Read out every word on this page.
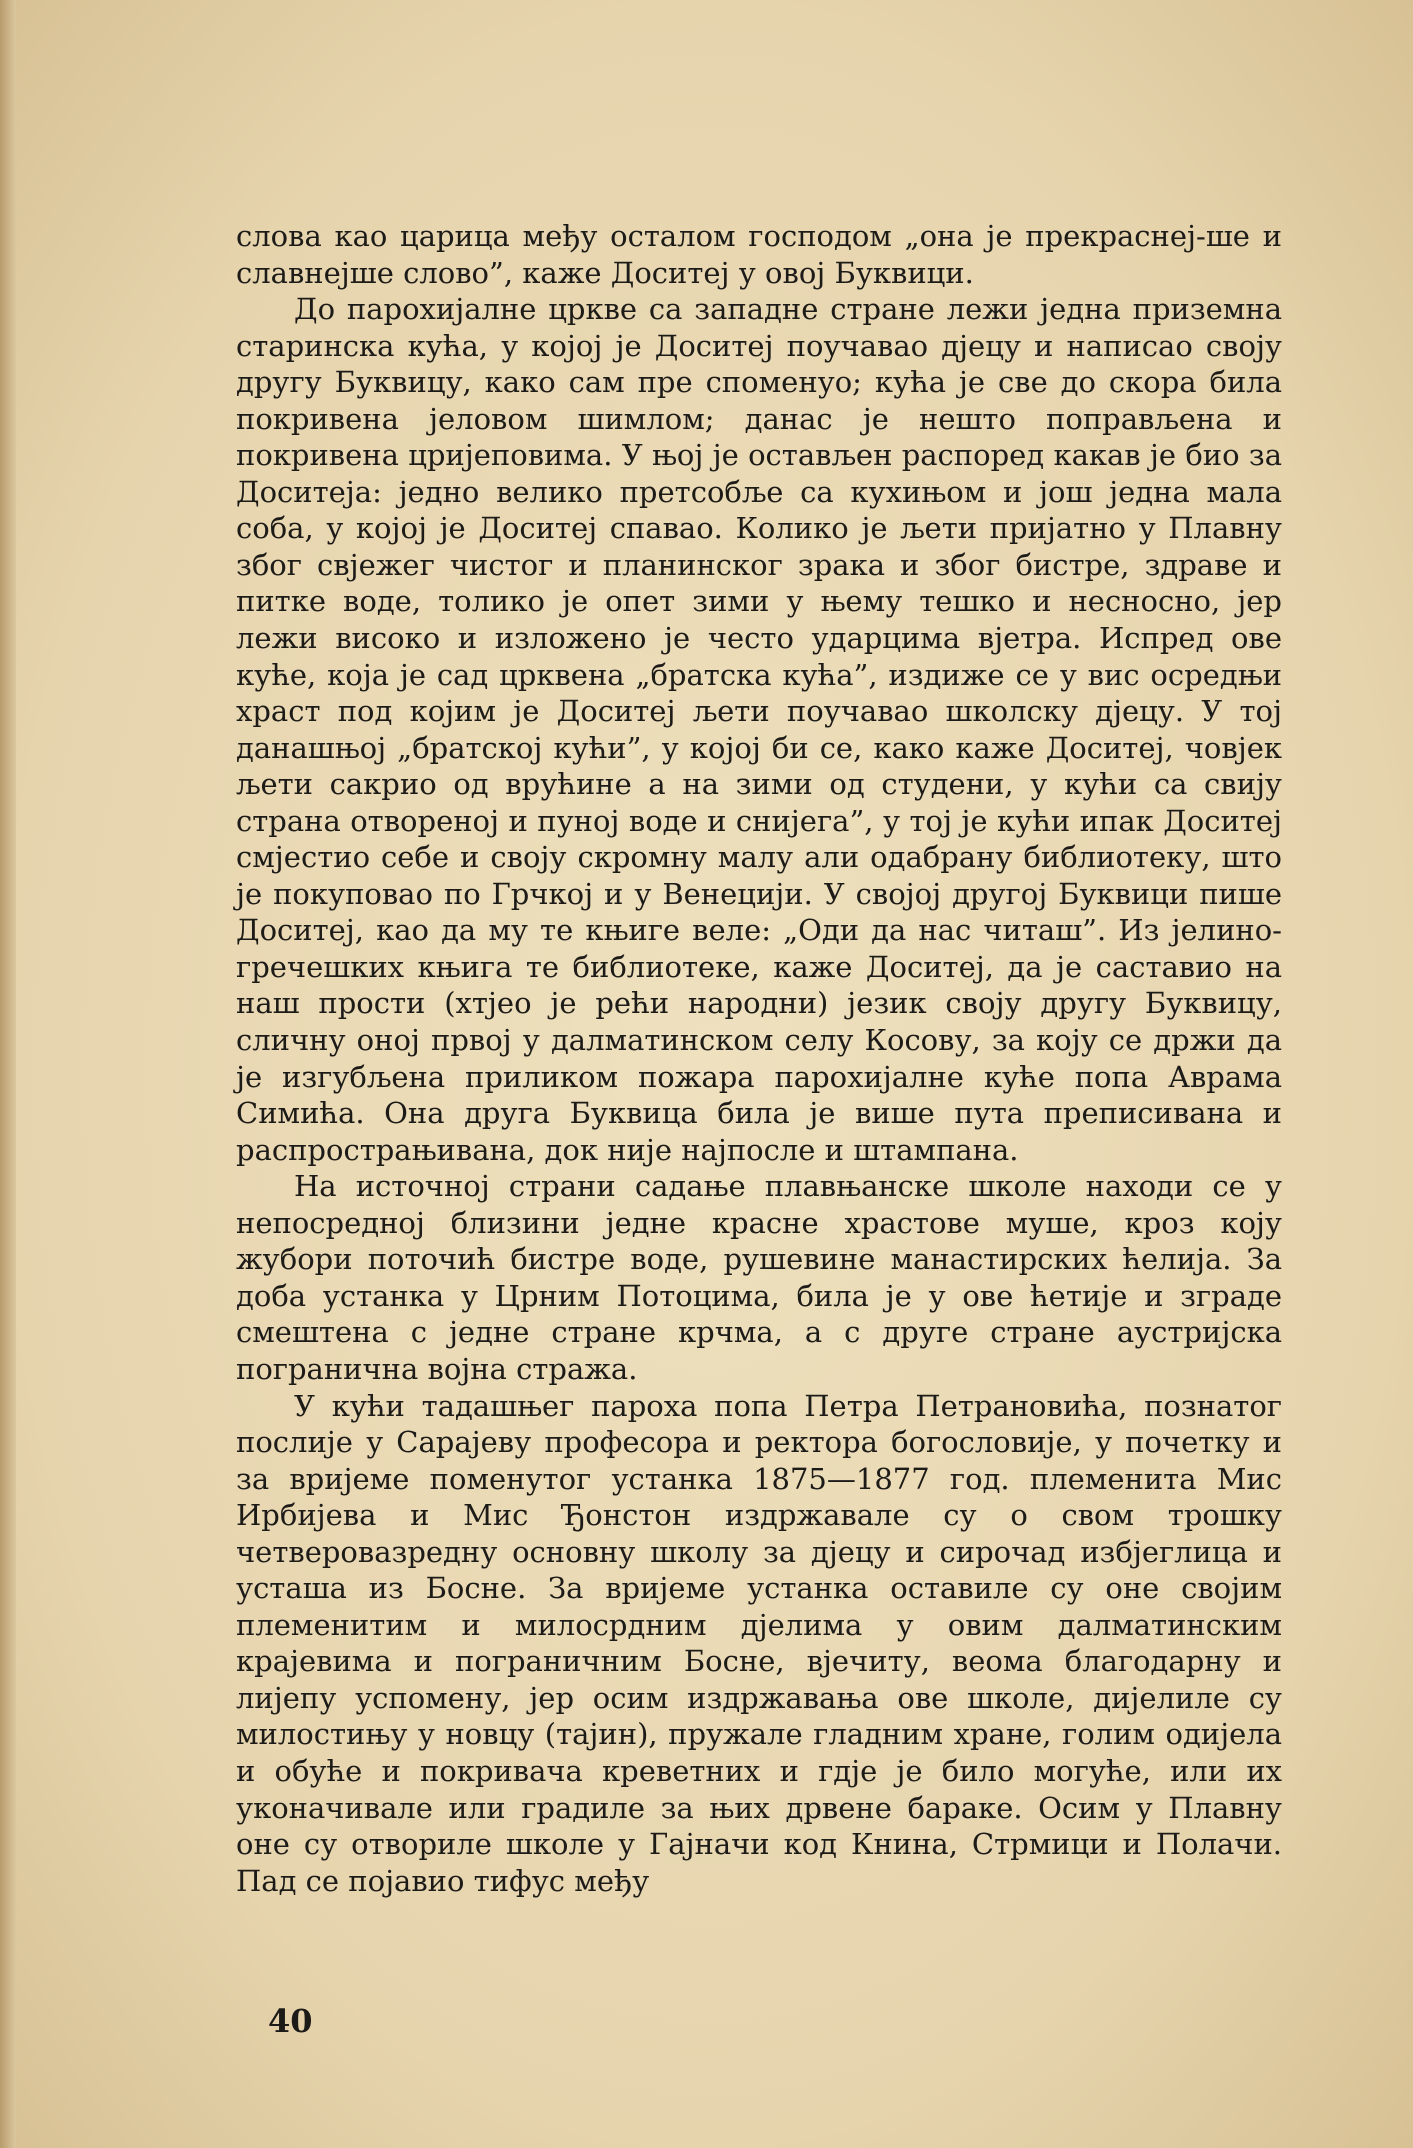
слова као царица међу осталом господом „она је прекраснеј-ше и славнејше слово”, каже Доситеј у овој Буквици.

До парохијалне цркве са западне стране лежи једна приземна старинска кућа, у којој је Доситеј поучавао дјецу и написао своју другу Буквицу, како сам пре споменуо; кућа је све до скора била покривена јеловом шимлом; данас је нешто поправљена и покривена цријеповима. У њој је остављен распоред какав је био за Доситеја: једно велико претсобље са кухињом и још једна мала соба, у којој је Доситеј спавао. Колико је љети пријатно у Плавну због свјежег чистог и планинског зрака и због бистре, здраве и питке воде, толико је опет зими у њему тешко и несносно, јер лежи високо и изложено је често ударцима вјетра. Испред ове куће, која је сад црквена „братска кућа”, издиже се у вис осредњи храст под којим је Доситеј љети поучавао школску дјецу. У тој данашњој „братској кући”, у којој би се, како каже Доситеј, човјек љети сакрио од врућине а на зими од студени, у кући са свију страна отвореној и пуној воде и снијега”, у тој је кући ипак Доситеј смјестио себе и своју скромну малу али одабрану библиотеку, што је покуповао по Грчкој и у Венецији. У својој другој Буквици пише Доситеј, као да му те књиге веле: „Оди да нас читаш”. Из јелино-гречешких књига те библиотеке, каже Доситеј, да је саставио на наш прости (хтјео је рећи народни) језик своју другу Буквицу, сличну оној првој у далматинском селу Косову, за коју се држи да је изгубљена приликом пожара парохијалне куће попа Аврама Симића. Она друга Буквица била је више пута преписивана и распрострањивана, док није најпосле и штампана.

На источној страни садање плавњанске школе находи се у непосредној близини једне красне храстове муше, кроз коју жубори поточић бистре воде, рушевине манастирских ћелија. За доба устанка у Црним Потоцима, била је у ове ћетије и зграде смештена с једне стране крчма, а с друге стране аустријска погранична војна стража.

У кући тадашњег пароха попа Петра Петрановића, познатог послије у Сарајеву професора и ректора богословије, у почетку и за вријеме поменутог устанка 1875—1877 год. племенита Мис Ирбијева и Мис Ђонстон издржавале су о свом трошку четверовазредну основну школу за дјецу и сирочад избјеглица и усташа из Босне. За вријеме устанка оставиле су оне својим племенитим и милосрдним дјелима у овим далматинским крајевима и пограничним Босне, вјечиту, веома благодарну и лијепу успомену, јер осим издржавања ове школе, дијелиле су милостињу у новцу (тајин), пружале гладним хране, голим одијела и обуће и покривача креветних и гдје је било могуће, или их уконачивале или градиле за њих дрвене бараке. Осим у Плавну оне су отвориле школе у Гајначи код Книна, Стрмици и Полачи. Пад се појавио тифус међу

40
